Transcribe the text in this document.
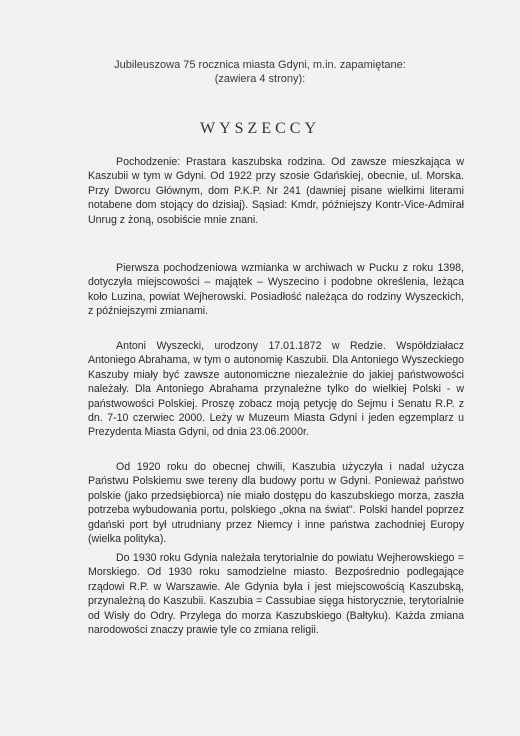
Jubileuszowa 75 rocznica miasta Gdyni, m.in. zapamiętane:
(zawiera 4 strony):
WYSZECCY

Pochodzenie: Prastara kaszubska rodzina. Od zawsze mieszkająca w Kaszubii w tym w Gdyni. Od 1922 przy szosie Gdańskiej, obecnie, ul. Morska. Przy Dworcu Głównym, dom P.K.P. Nr 241 (dawniej pisane wielkimi literami notabene dom stojący do dzisiaj). Sąsiad: Kmdr, późniejszy Kontr-Vice-Admirał Unrug z żoną, osobiście mnie znani.

Pierwsza pochodzeniowa wzmianka w archiwach w Pucku z roku 1398, dotyczyła miejscowości – majątek – Wyszecino i podobne określenia, leżąca koło Luzina, powiat Wejherowski. Posiadłość należąca do rodziny Wyszeckich, z późniejszymi zmianami.

Antoni Wyszecki, urodzony 17.01.1872 w Redzie. Współdziałacz Antoniego Abrahama, w tym o autonomię Kaszubii. Dla Antoniego Wyszeckiego Kaszuby miały być zawsze autonomiczne niezależnie do jakiej państwowości należały. Dla Antoniego Abrahama przynależne tylko do wielkiej Polski - w państwowości Polskiej. Proszę zobacz moją petycję do Sejmu i Senatu R.P. z dn. 7-10 czerwiec 2000. Leży w Muzeum Miasta Gdyni i jeden egzemplarz u Prezydenta Miasta Gdyni, od dnia 23.06.2000r.

Od 1920 roku do obecnej chwili, Kaszubia użyczyła i nadal użycza Państwu Polskiemu swe tereny dla budowy portu w Gdyni. Ponieważ państwo polskie (jako przedsiębiorca) nie miało dostępu do kaszubskiego morza, zaszła potrzeba wybudowania portu, polskiego „okna na świat". Polski handel poprzez gdański port był utrudniany przez Niemcy i inne państwa zachodniej Europy (wielka polityka).

Do 1930 roku Gdynia należała terytorialnie do powiatu Wejherowskiego = Morskiego. Od 1930 roku samodzielne miasto. Bezpośrednio podlegające rządowi R.P. w Warszawie. Ale Gdynia była i jest miejscowością Kaszubską, przynależną do Kaszubii. Kaszubia = Cassubiae sięga historycznie, terytorialnie od Wisły do Odry. Przylega do morza Kaszubskiego (Bałtyku). Każda zmiana narodowości znaczy prawie tyle co zmiana religii.
